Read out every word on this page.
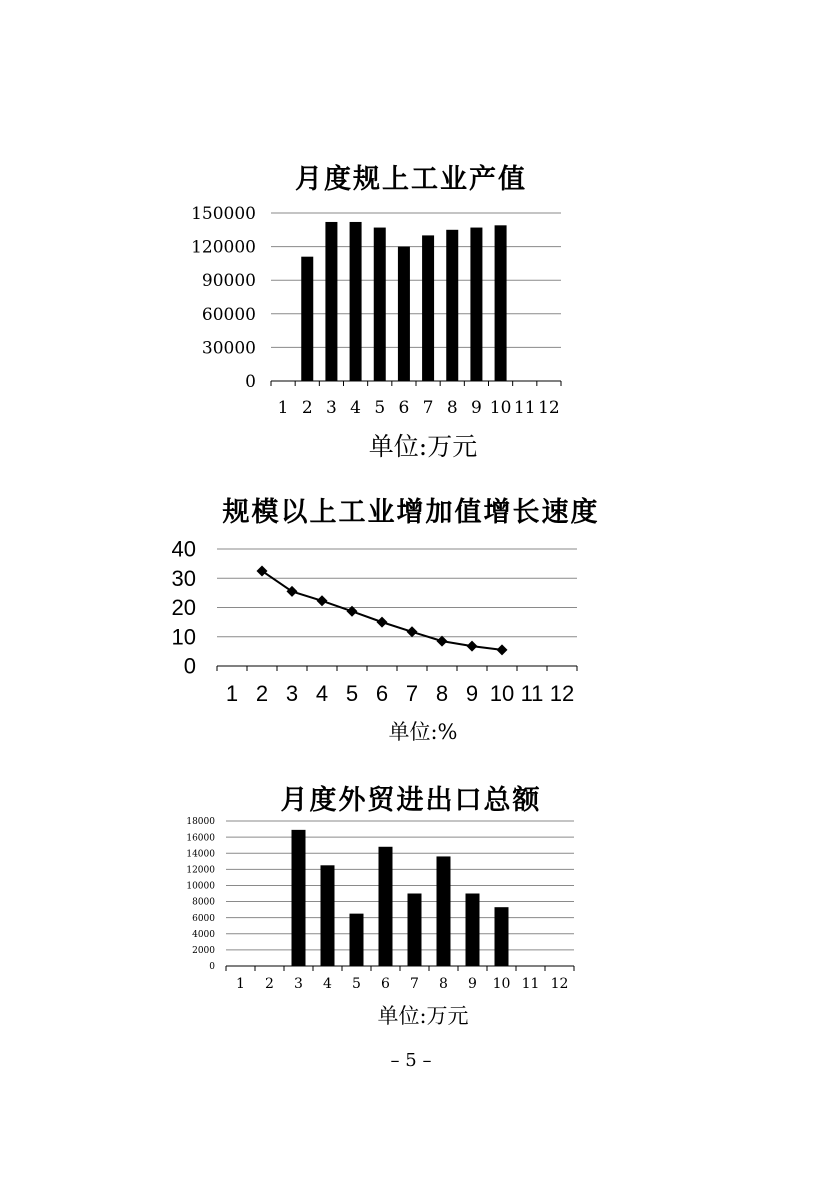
月度规上工业产值
0
30000
60000
90000
120000
150000
1 2 3 4 5 6 7 8 9 10 11 12
单位:万元
规模以上工业增加值增长速度
0
10
20
30
40
1 2 3 4 5 6 7 8 9 10 11 12
单位:%
月度外贸进出口总额
0
2000
4000
6000
8000
10000
12000
14000
16000
18000
1 2 3 4 5 6 7 8 9 10 11 12
单位:万元
– 5 –
